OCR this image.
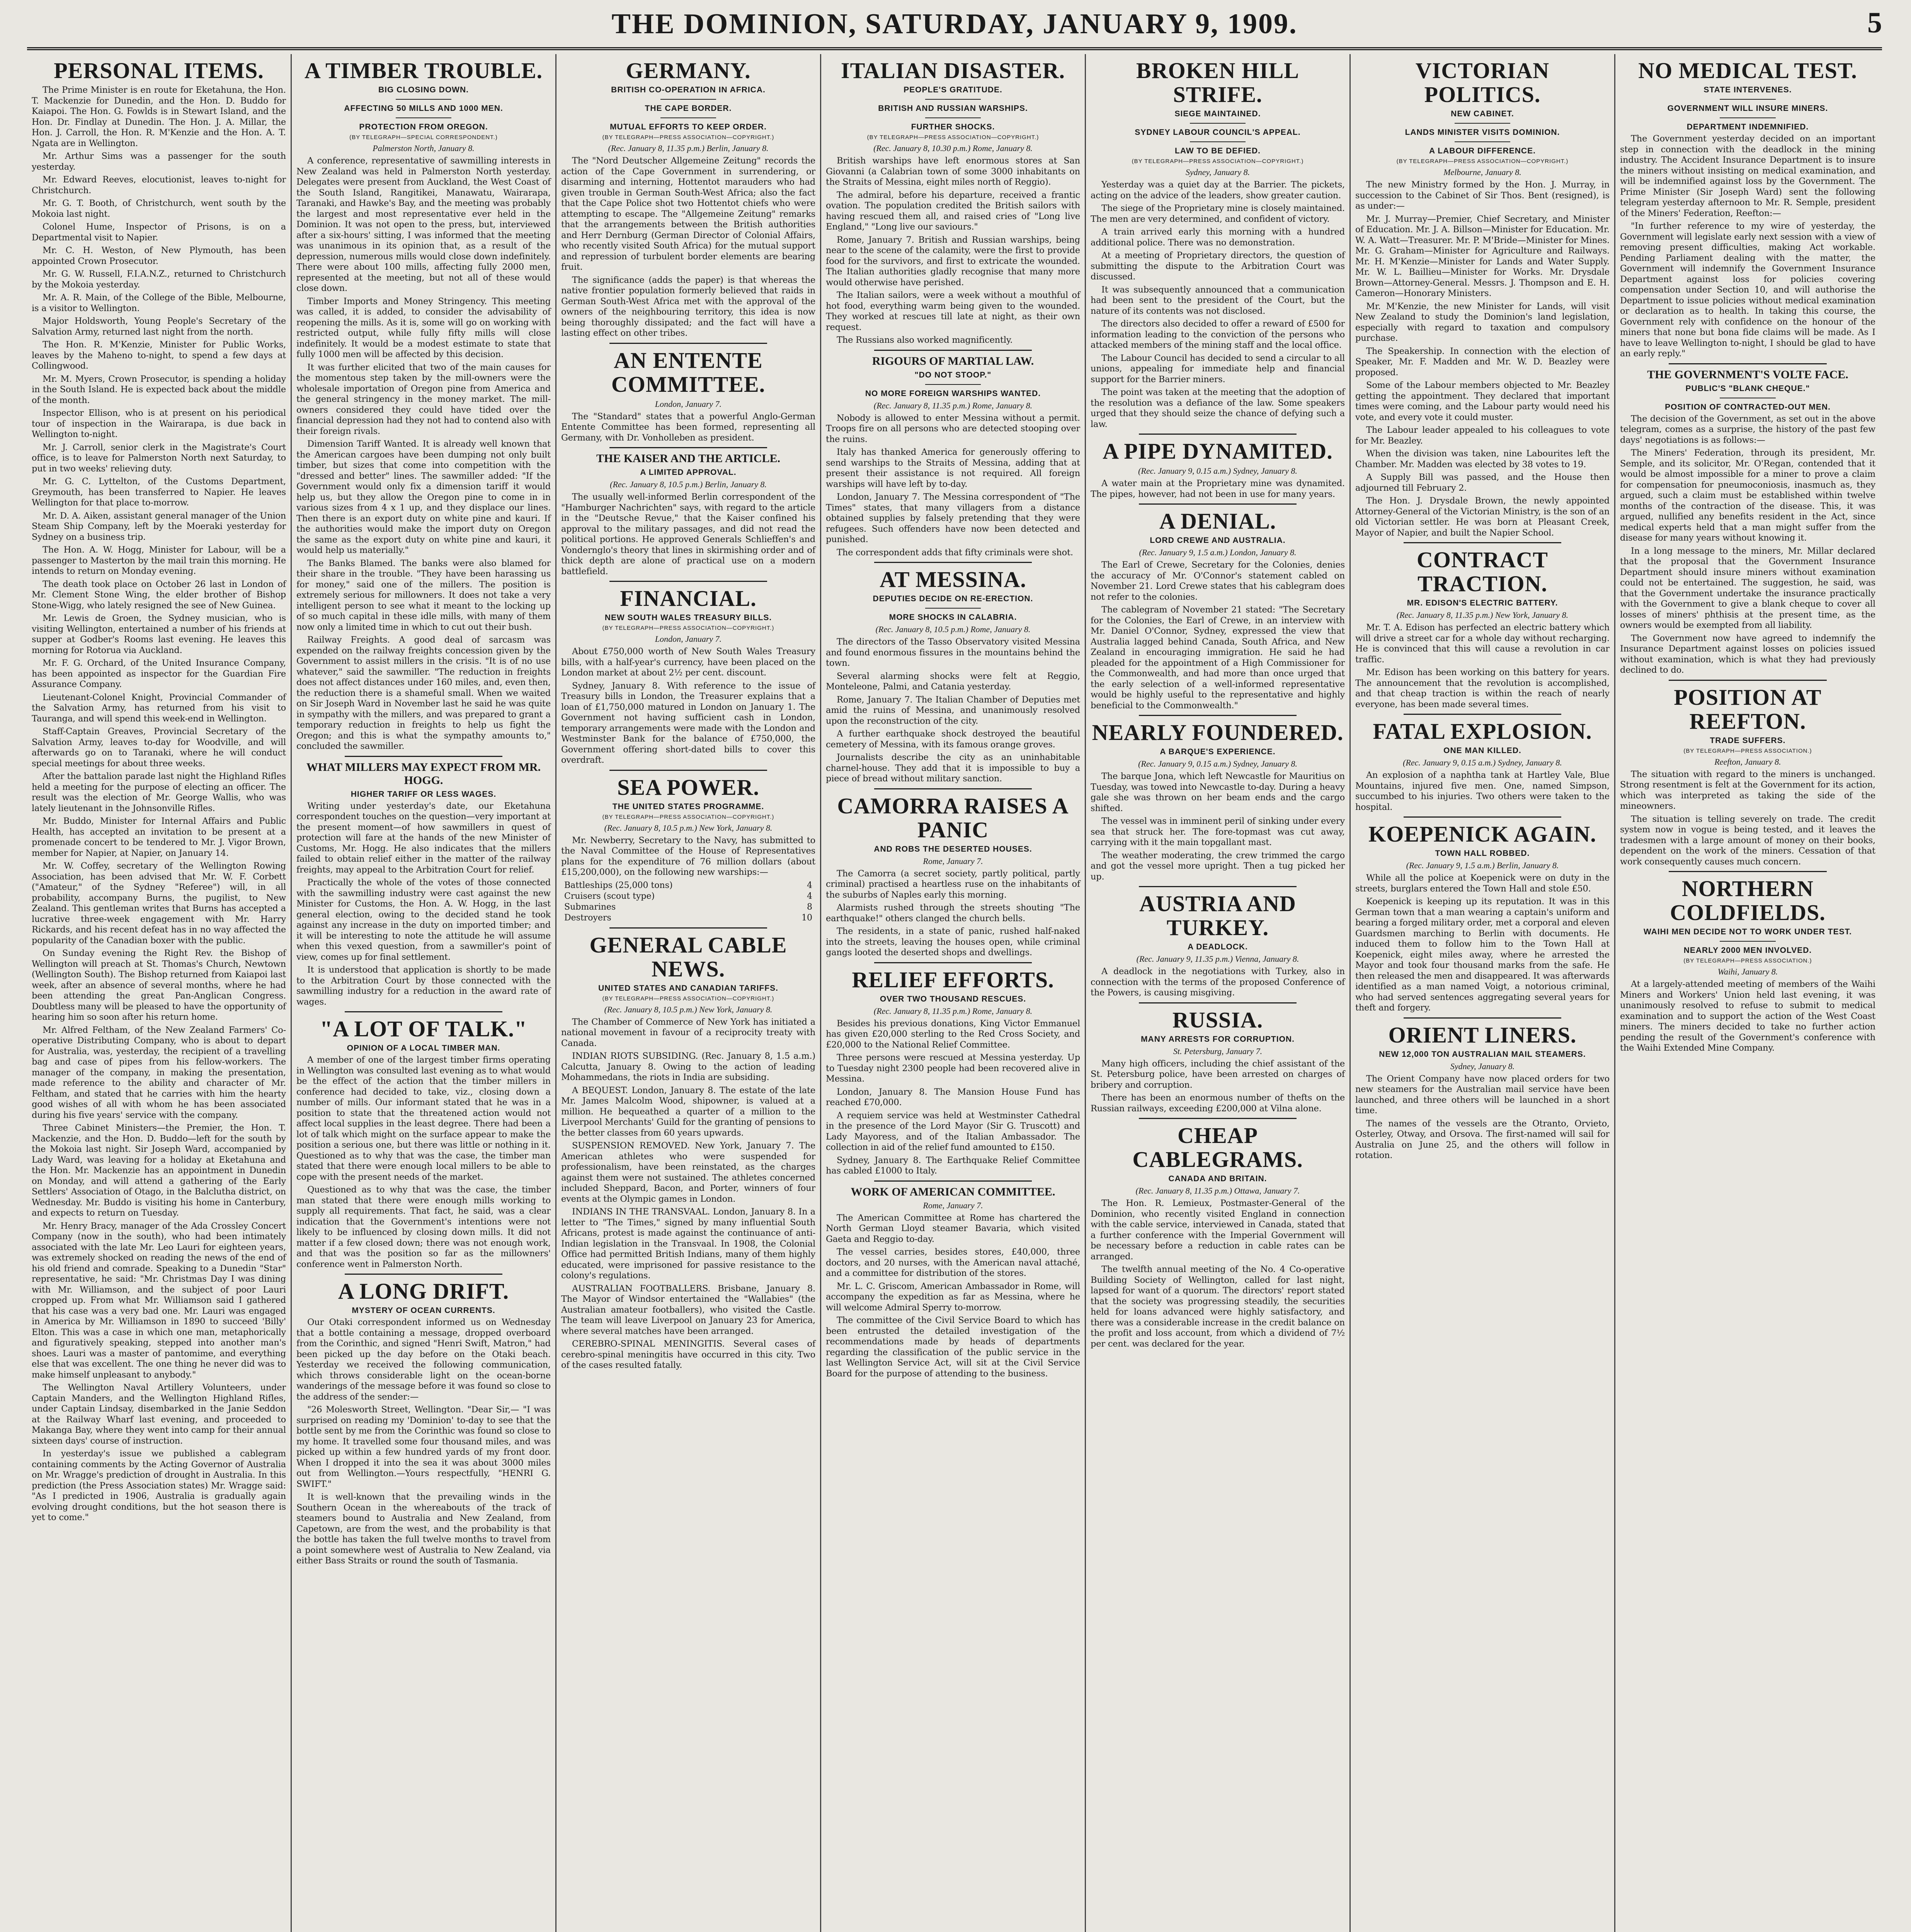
THE DOMINION, SATURDAY, JANUARY 9, 1909.	5
PERSONAL ITEMS.

The Prime Minister is en route for Eketahuna, the Hon. T. Mackenzie for Dunedin, and the Hon. D. Buddo for Kaiapoi. The Hon. G. Fowlds is in Stewart Island, and the Hon. Dr. Findlay at Dunedin. The Hon. J. A. Millar, the Hon. J. Carroll, the Hon. R. M'Kenzie and the Hon. A. T. Ngata are in Wellington.

Mr. Arthur Sims was a passenger for the south yesterday.

Mr. Edward Reeves, elocutionist, leaves to-night for Christchurch.

Mr. G. T. Booth, of Christchurch, went south by the Mokoia last night.

Colonel Hume, Inspector of Prisons, is on a Departmental visit to Napier.

Mr. C. H. Weston, of New Plymouth, has been appointed Crown Prosecutor.

Mr. G. W. Russell, F.I.A.N.Z., returned to Christchurch by the Mokoia yesterday.

Mr. A. R. Main, of the College of the Bible, Melbourne, is a visitor to Wellington.

Major Holdsworth, Young People's Secretary of the Salvation Army, returned last night from the north.

The Hon. R. M'Kenzie, Minister for Public Works, leaves by the Maheno to-night, to spend a few days at Collingwood.

Mr. M. Myers, Crown Prosecutor, is spending a holiday in the South Island. He is expected back about the middle of the month.

Inspector Ellison, who is at present on his periodical tour of inspection in the Wairarapa, is due back in Wellington to-night.

Mr. J. Carroll, senior clerk in the Magistrate's Court office, is to leave for Palmerston North next Saturday, to put in two weeks' relieving duty.

Mr. G. C. Lyttelton, of the Customs Department, Greymouth, has been transferred to Napier. He leaves Wellington for that place to-morrow.

Mr. D. A. Aiken, assistant general manager of the Union Steam Ship Company, left by the Moeraki yesterday for Sydney on a business trip.

The Hon. A. W. Hogg, Minister for Labour, will be a passenger to Masterton by the mail train this morning. He intends to return on Monday evening.

The death took place on October 26 last in London of Mr. Clement Stone Wing, the elder brother of Bishop Stone-Wigg, who lately resigned the see of New Guinea.

Mr. Lewis de Groen, the Sydney musician, who is visiting Wellington, entertained a number of his friends at supper at Godber's Rooms last evening. He leaves this morning for Rotorua via Auckland.

Mr. F. G. Orchard, of the United Insurance Company, has been appointed as inspector for the Guardian Fire Assurance Company.

Lieutenant-Colonel Knight, Provincial Commander of the Salvation Army, has returned from his visit to Tauranga, and will spend this week-end in Wellington.

Staff-Captain Greaves, Provincial Secretary of the Salvation Army, leaves to-day for Woodville, and will afterwards go on to Taranaki, where he will conduct special meetings for about three weeks.

After the battalion parade last night the Highland Rifles held a meeting for the purpose of electing an officer. The result was the election of Mr. George Wallis, who was lately lieutenant in the Johnsonville Rifles.

Mr. Buddo, Minister for Internal Affairs and Public Health, has accepted an invitation to be present at a promenade concert to be tendered to Mr. J. Vigor Brown, member for Napier, at Napier, on January 14.

Mr. W. Coffey, secretary of the Wellington Rowing Association, has been advised that Mr. W. F. Corbett ("Amateur," of the Sydney "Referee") will, in all probability, accompany Burns, the pugilist, to New Zealand. This gentleman writes that Burns has accepted a lucrative three-week engagement with Mr. Harry Rickards, and his recent defeat has in no way affected the popularity of the Canadian boxer with the public.

On Sunday evening the Right Rev. the Bishop of Wellington will preach at St. Thomas's Church, Newtown (Wellington South). The Bishop returned from Kaiapoi last week, after an absence of several months, where he had been attending the great Pan-Anglican Congress. Doubtless many will be pleased to have the opportunity of hearing him so soon after his return home.

Mr. Alfred Feltham, of the New Zealand Farmers' Co-operative Distributing Company, who is about to depart for Australia, was, yesterday, the recipient of a travelling bag and case of pipes from his fellow-workers. The manager of the company, in making the presentation, made reference to the ability and character of Mr. Feltham, and stated that he carries with him the hearty good wishes of all with whom he has been associated during his five years' service with the company.

Three Cabinet Ministers—the Premier, the Hon. T. Mackenzie, and the Hon. D. Buddo—left for the south by the Mokoia last night. Sir Joseph Ward, accompanied by Lady Ward, was leaving for a holiday at Eketahuna and the Hon. Mr. Mackenzie has an appointment in Dunedin on Monday, and will attend a gathering of the Early Settlers' Association of Otago, in the Balclutha district, on Wednesday. Mr. Buddo is visiting his home in Canterbury, and expects to return on Tuesday.

Mr. Henry Bracy, manager of the Ada Crossley Concert Company (now in the south), who had been intimately associated with the late Mr. Leo Lauri for eighteen years, was extremely shocked on reading the news of the end of his old friend and comrade. Speaking to a Dunedin "Star" representative, he said: "Mr. Christmas Day I was dining with Mr. Williamson, and the subject of poor Lauri cropped up. From what Mr. Williamson said I gathered that his case was a very bad one. Mr. Lauri was engaged in America by Mr. Williamson in 1890 to succeed 'Billy' Elton. This was a case in which one man, metaphorically and figuratively speaking, stepped into another man's shoes. Lauri was a master of pantomime, and everything else that was excellent. The one thing he never did was to make himself unpleasant to anybody."

The Wellington Naval Artillery Volunteers, under Captain Manders, and the Wellington Highland Rifles, under Captain Lindsay, disembarked in the Janie Seddon at the Railway Wharf last evening, and proceeded to Makanga Bay, where they went into camp for their annual sixteen days' course of instruction.

In yesterday's issue we published a cablegram containing comments by the Acting Governor of Australia on Mr. Wragge's prediction of drought in Australia. In this prediction (the Press Association states) Mr. Wragge said: "As I predicted in 1906, Australia is gradually again evolving drought conditions, but the hot season there is yet to come."

A TIMBER TROUBLE.
BIG CLOSING DOWN.
AFFECTING 50 MILLS AND 1000 MEN.
PROTECTION FROM OREGON.
(BY TELEGRAPH—SPECIAL CORRESPONDENT.)
Palmerston North, January 8.

A conference, representative of sawmilling interests in New Zealand was held in Palmerston North yesterday. Delegates were present from Auckland, the West Coast of the South Island, Rangitikei, Manawatu, Wairarapa, Taranaki, and Hawke's Bay, and the meeting was probably the largest and most representative ever held in the Dominion. It was not open to the press, but, interviewed after a six-hours' sitting, I was informed that the meeting was unanimous in its opinion that, as a result of the depression, numerous mills would close down indefinitely. There were about 100 mills, affecting fully 2000 men, represented at the meeting, but not all of these would close down.

Timber Imports and Money Stringency. This meeting was called, it is added, to consider the advisability of reopening the mills. As it is, some will go on working with restricted output, while fully fifty mills will close indefinitely. It would be a modest estimate to state that fully 1000 men will be affected by this decision.

It was further elicited that two of the main causes for the momentous step taken by the mill-owners were the wholesale importation of Oregon pine from America and the general stringency in the money market. The mill-owners considered they could have tided over the financial depression had they not had to contend also with their foreign rivals.

Dimension Tariff Wanted. It is already well known that the American cargoes have been dumping not only built timber, but sizes that come into competition with the "dressed and better" lines. The sawmiller added: "If the Government would only fix a dimension tariff it would help us, but they allow the Oregon pine to come in in various sizes from 4 x 1 up, and they displace our lines. Then there is an export duty on white pine and kauri. If the authorities would make the import duty on Oregon the same as the export duty on white pine and kauri, it would help us materially."

The Banks Blamed. The banks were also blamed for their share in the trouble. "They have been harassing us for money," said one of the millers. The position is extremely serious for millowners. It does not take a very intelligent person to see what it meant to the locking up of so much capital in these idle mills, with many of them now only a limited time in which to cut out their bush.

Railway Freights. A good deal of sarcasm was expended on the railway freights concession given by the Government to assist millers in the crisis. "It is of no use whatever," said the sawmiller. "The reduction in freights does not affect distances under 160 miles, and, even then, the reduction there is a shameful small. When we waited on Sir Joseph Ward in November last he said he was quite in sympathy with the millers, and was prepared to grant a temporary reduction in freights to help us fight the Oregon; and this is what the sympathy amounts to," concluded the sawmiller.

WHAT MILLERS MAY EXPECT FROM MR. HOGG.
HIGHER TARIFF OR LESS WAGES.

Writing under yesterday's date, our Eketahuna correspondent touches on the question—very important at the present moment—of how sawmillers in quest of protection will fare at the hands of the new Minister of Customs, Mr. Hogg. He also indicates that the millers failed to obtain relief either in the matter of the railway freights, may appeal to the Arbitration Court for relief.

Practically the whole of the votes of those connected with the sawmilling industry were cast against the new Minister for Customs, the Hon. A. W. Hogg, in the last general election, owing to the decided stand he took against any increase in the duty on imported timber; and it will be interesting to note the attitude he will assume when this vexed question, from a sawmiller's point of view, comes up for final settlement.

It is understood that application is shortly to be made to the Arbitration Court by those connected with the sawmilling industry for a reduction in the award rate of wages.

"A LOT OF TALK."
OPINION OF A LOCAL TIMBER MAN.

A member of one of the largest timber firms operating in Wellington was consulted last evening as to what would be the effect of the action that the timber millers in conference had decided to take, viz., closing down a number of mills. Our informant stated that he was in a position to state that the threatened action would not affect local supplies in the least degree. There had been a lot of talk which might on the surface appear to make the position a serious one, but there was little or nothing in it. Questioned as to why that was the case, the timber man stated that there were enough local millers to be able to cope with the present needs of the market.

Questioned as to why that was the case, the timber man stated that there were enough mills working to supply all requirements. That fact, he said, was a clear indication that the Government's intentions were not likely to be influenced by closing down mills. It did not matter if a few closed down; there was not enough work, and that was the position so far as the millowners' conference went in Palmerston North.

A LONG DRIFT.
MYSTERY OF OCEAN CURRENTS.

Our Otaki correspondent informed us on Wednesday that a bottle containing a message, dropped overboard from the Corinthic, and signed "Henri Swift, Matron," had been picked up the day before on the Otaki beach. Yesterday we received the following communication, which throws considerable light on the ocean-borne wanderings of the message before it was found so close to the address of the sender:—

"26 Molesworth Street, Wellington. "Dear Sir,— "I was surprised on reading my 'Dominion' to-day to see that the bottle sent by me from the Corinthic was found so close to my home. It travelled some four thousand miles, and was picked up within a few hundred yards of my front door. When I dropped it into the sea it was about 3000 miles out from Wellington.—Yours respectfully, "HENRI G. SWIFT."

It is well-known that the prevailing winds in the Southern Ocean in the whereabouts of the track of steamers bound to Australia and New Zealand, from Capetown, are from the west, and the probability is that the bottle has taken the full twelve months to travel from a point somewhere west of Australia to New Zealand, via either Bass Straits or round the south of Tasmania.

GERMANY.
BRITISH CO-OPERATION IN AFRICA.
THE CAPE BORDER.
MUTUAL EFFORTS TO KEEP ORDER.
(BY TELEGRAPH—PRESS ASSOCIATION—COPYRIGHT.)
(Rec. January 8, 11.35 p.m.) Berlin, January 8.

The "Nord Deutscher Allgemeine Zeitung" records the action of the Cape Government in surrendering, or disarming and interning, Hottentot marauders who had given trouble in German South-West Africa; also the fact that the Cape Police shot two Hottentot chiefs who were attempting to escape. The "Allgemeine Zeitung" remarks that the arrangements between the British authorities and Herr Dernburg (German Director of Colonial Affairs, who recently visited South Africa) for the mutual support and repression of turbulent border elements are bearing fruit.

The significance (adds the paper) is that whereas the native frontier population formerly believed that raids in German South-West Africa met with the approval of the owners of the neighbouring territory, this idea is now being thoroughly dissipated; and the fact will have a lasting effect on other tribes.

AN ENTENTE COMMITTEE.
London, January 7.

The "Standard" states that a powerful Anglo-German Entente Committee has been formed, representing all Germany, with Dr. Vonholleben as president.

THE KAISER AND THE ARTICLE.
A LIMITED APPROVAL.
(Rec. January 8, 10.5 p.m.) Berlin, January 8.

The usually well-informed Berlin correspondent of the "Hamburger Nachrichten" says, with regard to the article in the "Deutsche Revue," that the Kaiser confined his approval to the military passages, and did not read the political portions. He approved Generals Schlieffen's and Vondernglo's theory that lines in skirmishing order and of thick depth are alone of practical use on a modern battlefield.

FINANCIAL.
NEW SOUTH WALES TREASURY BILLS.
(BY TELEGRAPH—PRESS ASSOCIATION—COPYRIGHT.)
London, January 7.

About £750,000 worth of New South Wales Treasury bills, with a half-year's currency, have been placed on the London market at about 2½ per cent. discount.

Sydney, January 8. With reference to the issue of Treasury bills in London, the Treasurer explains that a loan of £1,750,000 matured in London on January 1. The Government not having sufficient cash in London, temporary arrangements were made with the London and Westminster Bank for the balance of £750,000, the Government offering short-dated bills to cover this overdraft.

SEA POWER.
THE UNITED STATES PROGRAMME.
(BY TELEGRAPH—PRESS ASSOCIATION—COPYRIGHT.)
(Rec. January 8, 10.5 p.m.) New York, January 8.

Mr. Newberry, Secretary to the Navy, has submitted to the Naval Committee of the House of Representatives plans for the expenditure of 76 million dollars (about £15,200,000), on the following new warships:—

Battleships (25,000 tons)	4
Cruisers (scout type)	4
Submarines	8
Destroyers	10
GENERAL CABLE NEWS.
UNITED STATES AND CANADIAN TARIFFS.
(BY TELEGRAPH—PRESS ASSOCIATION—COPYRIGHT.)
(Rec. January 8, 10.5 p.m.) New York, January 8.

The Chamber of Commerce of New York has initiated a national movement in favour of a reciprocity treaty with Canada.

INDIAN RIOTS SUBSIDING. (Rec. January 8, 1.5 a.m.) Calcutta, January 8. Owing to the action of leading Mohammedans, the riots in India are subsiding.

A BEQUEST. London, January 8. The estate of the late Mr. James Malcolm Wood, shipowner, is valued at a million. He bequeathed a quarter of a million to the Liverpool Merchants' Guild for the granting of pensions to the better classes from 60 years upwards.

SUSPENSION REMOVED. New York, January 7. The American athletes who were suspended for professionalism, have been reinstated, as the charges against them were not sustained. The athletes concerned included Sheppard, Bacon, and Porter, winners of four events at the Olympic games in London.

INDIANS IN THE TRANSVAAL. London, January 8. In a letter to "The Times," signed by many influential South Africans, protest is made against the continuance of anti-Indian legislation in the Transvaal. In 1908, the Colonial Office had permitted British Indians, many of them highly educated, were imprisoned for passive resistance to the colony's regulations.

AUSTRALIAN FOOTBALLERS. Brisbane, January 8. The Mayor of Windsor entertained the "Wallabies" (the Australian amateur footballers), who visited the Castle. The team will leave Liverpool on January 23 for America, where several matches have been arranged.

CEREBRO-SPINAL MENINGITIS. Several cases of cerebro-spinal meningitis have occurred in this city. Two of the cases resulted fatally.

ITALIAN DISASTER.
PEOPLE'S GRATITUDE.
BRITISH AND RUSSIAN WARSHIPS.
FURTHER SHOCKS.
(BY TELEGRAPH—PRESS ASSOCIATION—COPYRIGHT.)
(Rec. January 8, 10.30 p.m.) Rome, January 8.

British warships have left enormous stores at San Giovanni (a Calabrian town of some 3000 inhabitants on the Straits of Messina, eight miles north of Reggio).

The admiral, before his departure, received a frantic ovation. The population credited the British sailors with having rescued them all, and raised cries of "Long live England," "Long live our saviours."

Rome, January 7. British and Russian warships, being near to the scene of the calamity, were the first to provide food for the survivors, and first to extricate the wounded. The Italian authorities gladly recognise that many more would otherwise have perished.

The Italian sailors, were a week without a mouthful of hot food, everything warm being given to the wounded. They worked at rescues till late at night, as their own request.

The Russians also worked magnificently.

RIGOURS OF MARTIAL LAW.
"DO NOT STOOP."
NO MORE FOREIGN WARSHIPS WANTED.
(Rec. January 8, 11.35 p.m.) Rome, January 8.

Nobody is allowed to enter Messina without a permit. Troops fire on all persons who are detected stooping over the ruins.

Italy has thanked America for generously offering to send warships to the Straits of Messina, adding that at present their assistance is not required. All foreign warships will have left by to-day.

London, January 7. The Messina correspondent of "The Times" states, that many villagers from a distance obtained supplies by falsely pretending that they were refugees. Such offenders have now been detected and punished.

The correspondent adds that fifty criminals were shot.

AT MESSINA.
DEPUTIES DECIDE ON RE-ERECTION.
MORE SHOCKS IN CALABRIA.
(Rec. January 8, 10.5 p.m.) Rome, January 8.

The directors of the Tasso Observatory visited Messina and found enormous fissures in the mountains behind the town.

Several alarming shocks were felt at Reggio, Monteleone, Palmi, and Catania yesterday.

Rome, January 7. The Italian Chamber of Deputies met amid the ruins of Messina, and unanimously resolved upon the reconstruction of the city.

A further earthquake shock destroyed the beautiful cemetery of Messina, with its famous orange groves.

Journalists describe the city as an uninhabitable charnel-house. They add that it is impossible to buy a piece of bread without military sanction.

CAMORRA RAISES A PANIC
AND ROBS THE DESERTED HOUSES.
Rome, January 7.

The Camorra (a secret society, partly political, partly criminal) practised a heartless ruse on the inhabitants of the suburbs of Naples early this morning.

Alarmists rushed through the streets shouting "The earthquake!" others clanged the church bells.

The residents, in a state of panic, rushed half-naked into the streets, leaving the houses open, while criminal gangs looted the deserted shops and dwellings.

RELIEF EFFORTS.
OVER TWO THOUSAND RESCUES.
(Rec. January 8, 11.35 p.m.) Rome, January 8.

Besides his previous donations, King Victor Emmanuel has given £20,000 sterling to the Red Cross Society, and £20,000 to the National Relief Committee.

Three persons were rescued at Messina yesterday. Up to Tuesday night 2300 people had been recovered alive in Messina.

London, January 8. The Mansion House Fund has reached £70,000.

A requiem service was held at Westminster Cathedral in the presence of the Lord Mayor (Sir G. Truscott) and Lady Mayoress, and of the Italian Ambassador. The collection in aid of the relief fund amounted to £150.

Sydney, January 8. The Earthquake Relief Committee has cabled £1000 to Italy.

WORK OF AMERICAN COMMITTEE.
Rome, January 7.

The American Committee at Rome has chartered the North German Lloyd steamer Bavaria, which visited Gaeta and Reggio to-day.

The vessel carries, besides stores, £40,000, three doctors, and 20 nurses, with the American naval attaché, and a committee for distribution of the stores.

Mr. L. C. Griscom, American Ambassador in Rome, will accompany the expedition as far as Messina, where he will welcome Admiral Sperry to-morrow.

The committee of the Civil Service Board to which has been entrusted the detailed investigation of the recommendations made by heads of departments regarding the classification of the public service in the last Wellington Service Act, will sit at the Civil Service Board for the purpose of attending to the business.

BROKEN HILL STRIFE.
SIEGE MAINTAINED.
SYDNEY LABOUR COUNCIL'S APPEAL.
LAW TO BE DEFIED.
(BY TELEGRAPH—PRESS ASSOCIATION—COPYRIGHT.)
Sydney, January 8.

Yesterday was a quiet day at the Barrier. The pickets, acting on the advice of the leaders, show greater caution.

The siege of the Proprietary mine is closely maintained. The men are very determined, and confident of victory.

A train arrived early this morning with a hundred additional police. There was no demonstration.

At a meeting of Proprietary directors, the question of submitting the dispute to the Arbitration Court was discussed.

It was subsequently announced that a communication had been sent to the president of the Court, but the nature of its contents was not disclosed.

The directors also decided to offer a reward of £500 for information leading to the conviction of the persons who attacked members of the mining staff and the local office.

The Labour Council has decided to send a circular to all unions, appealing for immediate help and financial support for the Barrier miners.

The point was taken at the meeting that the adoption of the resolution was a defiance of the law. Some speakers urged that they should seize the chance of defying such a law.

A PIPE DYNAMITED.
(Rec. January 9, 0.15 a.m.) Sydney, January 8.

A water main at the Proprietary mine was dynamited. The pipes, however, had not been in use for many years.

A DENIAL.
LORD CREWE AND AUSTRALIA.
(Rec. January 9, 1.5 a.m.) London, January 8.

The Earl of Crewe, Secretary for the Colonies, denies the accuracy of Mr. O'Connor's statement cabled on November 21. Lord Crewe states that his cablegram does not refer to the colonies.

The cablegram of November 21 stated: "The Secretary for the Colonies, the Earl of Crewe, in an interview with Mr. Daniel O'Connor, Sydney, expressed the view that Australia lagged behind Canada, South Africa, and New Zealand in encouraging immigration. He said he had pleaded for the appointment of a High Commissioner for the Commonwealth, and had more than once urged that the early selection of a well-informed representative would be highly useful to the representative and highly beneficial to the Commonwealth."

NEARLY FOUNDERED.
A BARQUE'S EXPERIENCE.
(Rec. January 9, 0.15 a.m.) Sydney, January 8.

The barque Jona, which left Newcastle for Mauritius on Tuesday, was towed into Newcastle to-day. During a heavy gale she was thrown on her beam ends and the cargo shifted.

The vessel was in imminent peril of sinking under every sea that struck her. The fore-topmast was cut away, carrying with it the main topgallant mast.

The weather moderating, the crew trimmed the cargo and got the vessel more upright. Then a tug picked her up.

AUSTRIA AND TURKEY.
A DEADLOCK.
(Rec. January 9, 11.35 p.m.) Vienna, January 8.

A deadlock in the negotiations with Turkey, also in connection with the terms of the proposed Conference of the Powers, is causing misgiving.

RUSSIA.
MANY ARRESTS FOR CORRUPTION.
St. Petersburg, January 7.

Many high officers, including the chief assistant of the St. Petersburg police, have been arrested on charges of bribery and corruption.

There has been an enormous number of thefts on the Russian railways, exceeding £200,000 at Vilna alone.

CHEAP CABLEGRAMS.
CANADA AND BRITAIN.
(Rec. January 8, 11.35 p.m.) Ottawa, January 7.

The Hon. R. Lemieux, Postmaster-General of the Dominion, who recently visited England in connection with the cable service, interviewed in Canada, stated that a further conference with the Imperial Government will be necessary before a reduction in cable rates can be arranged.

The twelfth annual meeting of the No. 4 Co-operative Building Society of Wellington, called for last night, lapsed for want of a quorum. The directors' report stated that the society was progressing steadily, the securities held for loans advanced were highly satisfactory, and there was a considerable increase in the credit balance on the profit and loss account, from which a dividend of 7½ per cent. was declared for the year.

VICTORIAN POLITICS.
NEW CABINET.
LANDS MINISTER VISITS DOMINION.
A LABOUR DIFFERENCE.
(BY TELEGRAPH—PRESS ASSOCIATION—COPYRIGHT.)
Melbourne, January 8.

The new Ministry formed by the Hon. J. Murray, in succession to the Cabinet of Sir Thos. Bent (resigned), is as under:—

Mr. J. Murray—Premier, Chief Secretary, and Minister of Education. Mr. J. A. Billson—Minister for Education. Mr. W. A. Watt—Treasurer. Mr. P. M'Bride—Minister for Mines. Mr. G. Graham—Minister for Agriculture and Railways. Mr. H. M'Kenzie—Minister for Lands and Water Supply. Mr. W. L. Baillieu—Minister for Works. Mr. Drysdale Brown—Attorney-General. Messrs. J. Thompson and E. H. Cameron—Honorary Ministers.

Mr. M'Kenzie, the new Minister for Lands, will visit New Zealand to study the Dominion's land legislation, especially with regard to taxation and compulsory purchase.

The Speakership. In connection with the election of Speaker, Mr. F. Madden and Mr. W. D. Beazley were proposed.

Some of the Labour members objected to Mr. Beazley getting the appointment. They declared that important times were coming, and the Labour party would need his vote, and every vote it could muster.

The Labour leader appealed to his colleagues to vote for Mr. Beazley.

When the division was taken, nine Labourites left the Chamber. Mr. Madden was elected by 38 votes to 19.

A Supply Bill was passed, and the House then adjourned till February 2.

The Hon. J. Drysdale Brown, the newly appointed Attorney-General of the Victorian Ministry, is the son of an old Victorian settler. He was born at Pleasant Creek, Mayor of Napier, and built the Napier School.

CONTRACT TRACTION.
MR. EDISON'S ELECTRIC BATTERY.
(Rec. January 8, 11.35 p.m.) New York, January 8.

Mr. T. A. Edison has perfected an electric battery which will drive a street car for a whole day without recharging. He is convinced that this will cause a revolution in car traffic.

Mr. Edison has been working on this battery for years. The announcement that the revolution is accomplished, and that cheap traction is within the reach of nearly everyone, has been made several times.

FATAL EXPLOSION.
ONE MAN KILLED.
(Rec. January 9, 0.15 a.m.) Sydney, January 8.

An explosion of a naphtha tank at Hartley Vale, Blue Mountains, injured five men. One, named Simpson, succumbed to his injuries. Two others were taken to the hospital.

KOEPENICK AGAIN.
TOWN HALL ROBBED.
(Rec. January 9, 1.5 a.m.) Berlin, January 8.

While all the police at Koepenick were on duty in the streets, burglars entered the Town Hall and stole £50.

Koepenick is keeping up its reputation. It was in this German town that a man wearing a captain's uniform and bearing a forged military order, met a corporal and eleven Guardsmen marching to Berlin with documents. He induced them to follow him to the Town Hall at Koepenick, eight miles away, where he arrested the Mayor and took four thousand marks from the safe. He then released the men and disappeared. It was afterwards identified as a man named Voigt, a notorious criminal, who had served sentences aggregating several years for theft and forgery.

ORIENT LINERS.
NEW 12,000 TON AUSTRALIAN MAIL STEAMERS.
Sydney, January 8.

The Orient Company have now placed orders for two new steamers for the Australian mail service have been launched, and three others will be launched in a short time.

The names of the vessels are the Otranto, Orvieto, Osterley, Otway, and Orsova. The first-named will sail for Australia on June 25, and the others will follow in rotation.

NO MEDICAL TEST.
STATE INTERVENES.
GOVERNMENT WILL INSURE MINERS.
DEPARTMENT INDEMNIFIED.

The Government yesterday decided on an important step in connection with the deadlock in the mining industry. The Accident Insurance Department is to insure the miners without insisting on medical examination, and will be indemnified against loss by the Government. The Prime Minister (Sir Joseph Ward) sent the following telegram yesterday afternoon to Mr. R. Semple, president of the Miners' Federation, Reefton:—

"In further reference to my wire of yesterday, the Government will legislate early next session with a view of removing present difficulties, making Act workable. Pending Parliament dealing with the matter, the Government will indemnify the Government Insurance Department against loss for policies covering compensation under Section 10, and will authorise the Department to issue policies without medical examination or declaration as to health. In taking this course, the Government rely with confidence on the honour of the miners that none but bona fide claims will be made. As I have to leave Wellington to-night, I should be glad to have an early reply."

THE GOVERNMENT'S VOLTE FACE.
PUBLIC'S "BLANK CHEQUE."
POSITION OF CONTRACTED-OUT MEN.

The decision of the Government, as set out in the above telegram, comes as a surprise, the history of the past few days' negotiations is as follows:—

The Miners' Federation, through its president, Mr. Semple, and its solicitor, Mr. O'Regan, contended that it would be almost impossible for a miner to prove a claim for compensation for pneumoconiosis, inasmuch as, they argued, such a claim must be established within twelve months of the contraction of the disease. This, it was argued, nullified any benefits resident in the Act, since medical experts held that a man might suffer from the disease for many years without knowing it.

In a long message to the miners, Mr. Millar declared that the proposal that the Government Insurance Department should insure miners without examination could not be entertained. The suggestion, he said, was that the Government undertake the insurance practically with the Government to give a blank cheque to cover all losses of miners' phthisis at the present time, as the owners would be exempted from all liability.

The Government now have agreed to indemnify the Insurance Department against losses on policies issued without examination, which is what they had previously declined to do.

POSITION AT REEFTON.
TRADE SUFFERS.
(BY TELEGRAPH—PRESS ASSOCIATION.)
Reefton, January 8.

The situation with regard to the miners is unchanged. Strong resentment is felt at the Government for its action, which was interpreted as taking the side of the mineowners.

The situation is telling severely on trade. The credit system now in vogue is being tested, and it leaves the tradesmen with a large amount of money on their books, dependent on the work of the miners. Cessation of that work consequently causes much concern.

NORTHERN COLDFIELDS.
WAIHI MEN DECIDE NOT TO WORK UNDER TEST.
NEARLY 2000 MEN INVOLVED.
(BY TELEGRAPH—PRESS ASSOCIATION.)
Waihi, January 8.

At a largely-attended meeting of members of the Waihi Miners and Workers' Union held last evening, it was unanimously resolved to refuse to submit to medical examination and to support the action of the West Coast miners. The miners decided to take no further action pending the result of the Government's conference with the Waihi Extended Mine Company.
